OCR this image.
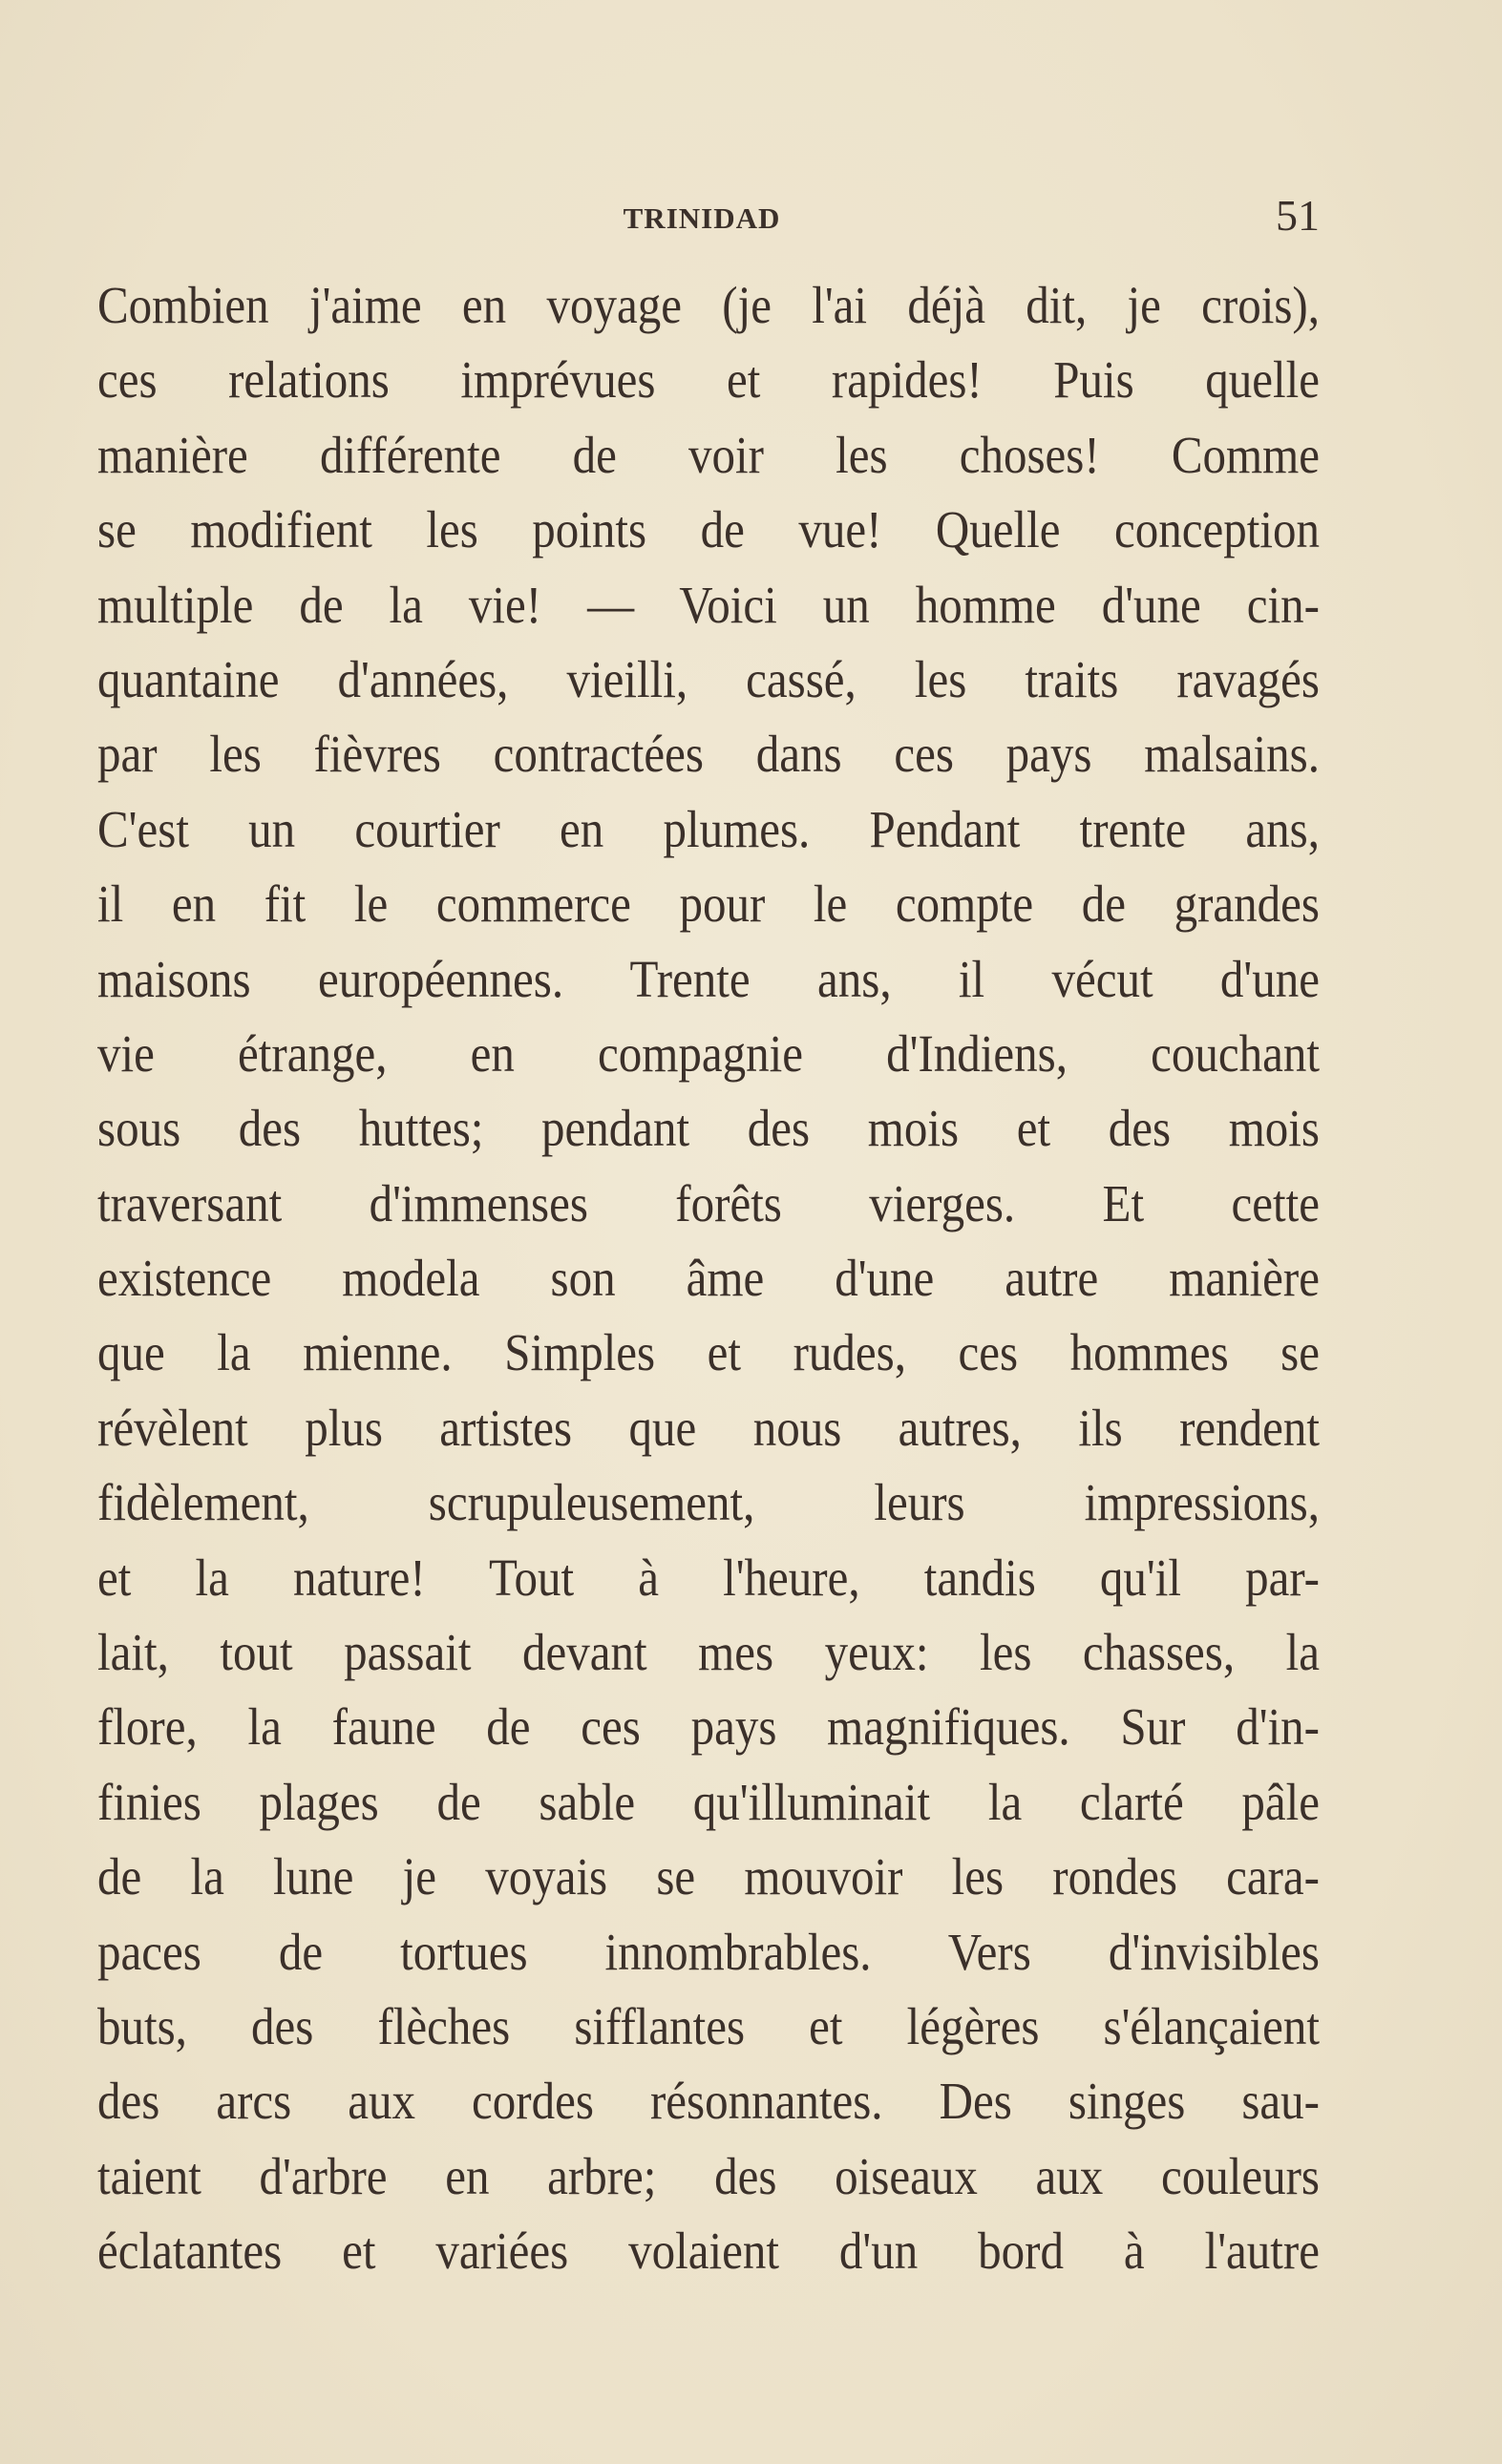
TRINIDAD	51
Combien j'aime en voyage (je l'ai déjà dit, je crois),
ces relations imprévues et rapides! Puis quelle
manière différente de voir les choses! Comme
se modifient les points de vue! Quelle conception
multiple de la vie! — Voici un homme d'une cin-
quantaine d'années, vieilli, cassé, les traits ravagés
par les fièvres contractées dans ces pays malsains.
C'est un courtier en plumes. Pendant trente ans,
il en fit le commerce pour le compte de grandes
maisons européennes. Trente ans, il vécut d'une
vie étrange, en compagnie d'Indiens, couchant
sous des huttes; pendant des mois et des mois
traversant d'immenses forêts vierges. Et cette
existence modela son âme d'une autre manière
que la mienne. Simples et rudes, ces hommes se
révèlent plus artistes que nous autres, ils rendent
fidèlement, scrupuleusement, leurs impressions,
et la nature! Tout à l'heure, tandis qu'il par-
lait, tout passait devant mes yeux: les chasses, la
flore, la faune de ces pays magnifiques. Sur d'in-
finies plages de sable qu'illuminait la clarté pâle
de la lune je voyais se mouvoir les rondes cara-
paces de tortues innombrables. Vers d'invisibles
buts, des flèches sifflantes et légères s'élançaient
des arcs aux cordes résonnantes. Des singes sau-
taient d'arbre en arbre; des oiseaux aux couleurs
éclatantes et variées volaient d'un bord à l'autre
